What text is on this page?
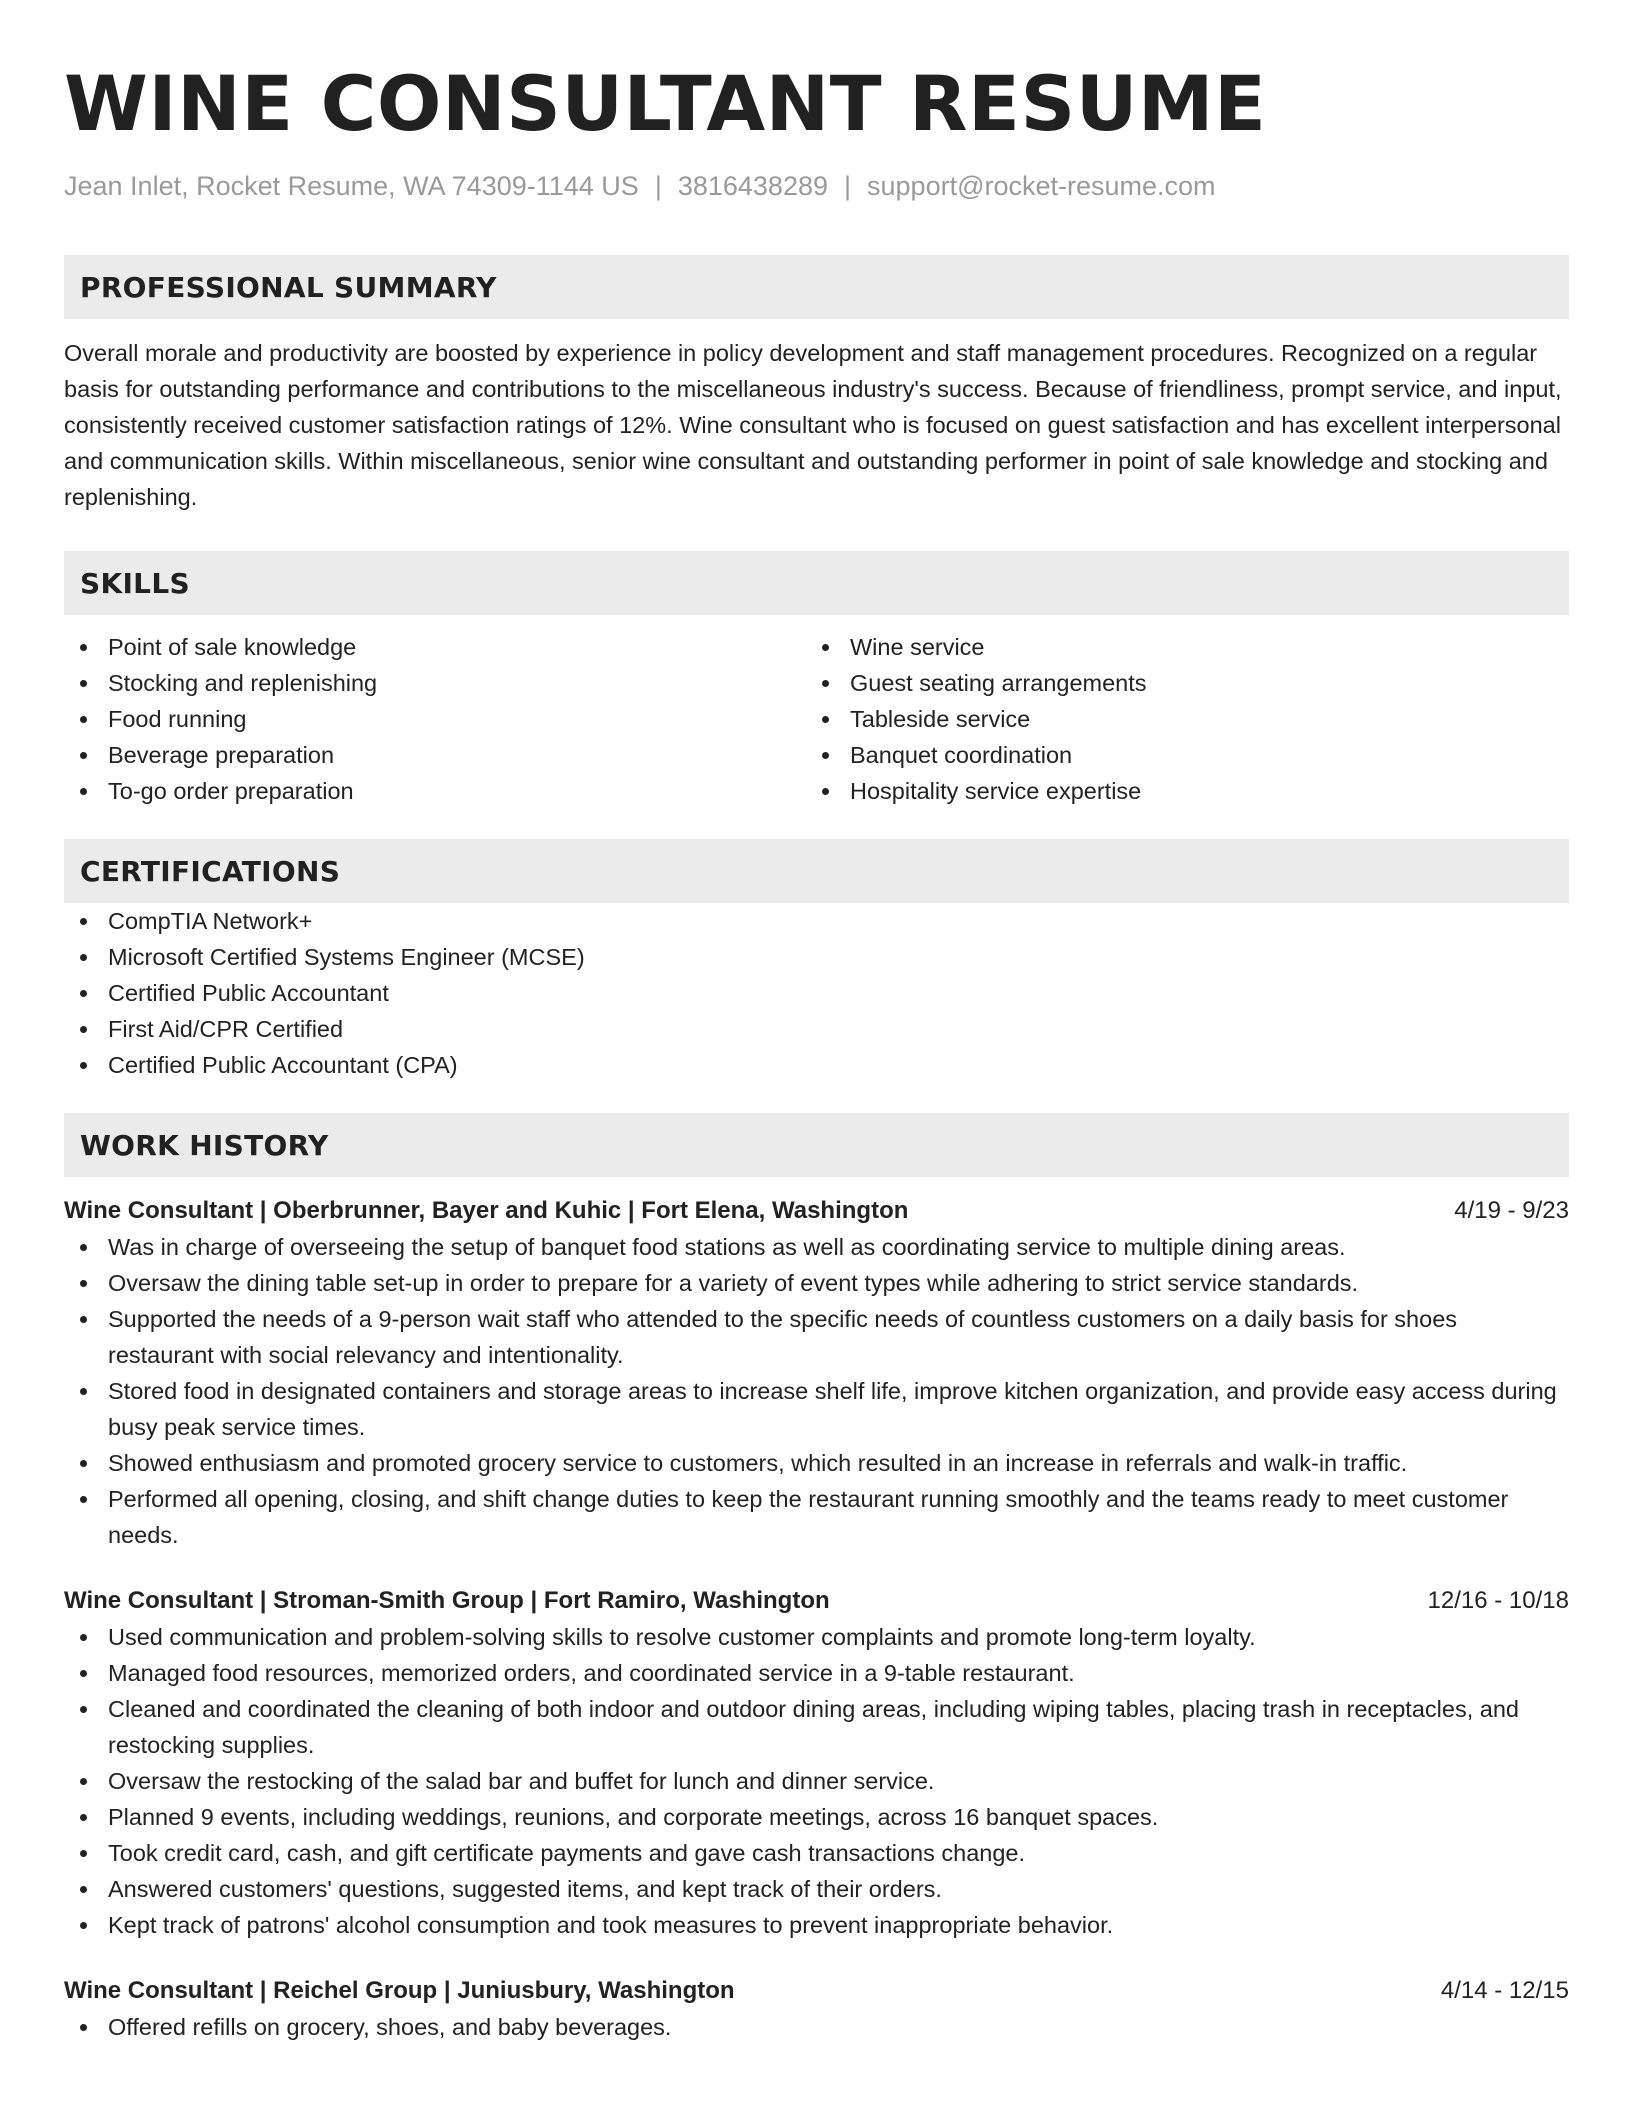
WINE CONSULTANT RESUME
Jean Inlet, Rocket Resume, WA 74309-1144 US | 3816438289 | support@rocket-resume.com
PROFESSIONAL SUMMARY

Overall morale and productivity are boosted by experience in policy development and staff management procedures. Recognized on a regular basis for outstanding performance and contributions to the miscellaneous industry's success. Because of friendliness, prompt service, and input, consistently received customer satisfaction ratings of 12%. Wine consultant who is focused on guest satisfaction and has excellent interpersonal and communication skills. Within miscellaneous, senior wine consultant and outstanding performer in point of sale knowledge and stocking and replenishing.

SKILLS
Point of sale knowledge
Stocking and replenishing
Food running
Beverage preparation
To-go order preparation
Wine service
Guest seating arrangements
Tableside service
Banquet coordination
Hospitality service expertise
CERTIFICATIONS
CompTIA Network+
Microsoft Certified Systems Engineer (MCSE)
Certified Public Accountant
First Aid/CPR Certified
Certified Public Accountant (CPA)
WORK HISTORY
Wine Consultant | Oberbrunner, Bayer and Kuhic | Fort Elena, Washington	4/19 - 9/23
Was in charge of overseeing the setup of banquet food stations as well as coordinating service to multiple dining areas.
Oversaw the dining table set-up in order to prepare for a variety of event types while adhering to strict service standards.
Supported the needs of a 9-person wait staff who attended to the specific needs of countless customers on a daily basis for shoes restaurant with social relevancy and intentionality.
Stored food in designated containers and storage areas to increase shelf life, improve kitchen organization, and provide easy access during busy peak service times.
Showed enthusiasm and promoted grocery service to customers, which resulted in an increase in referrals and walk-in traffic.
Performed all opening, closing, and shift change duties to keep the restaurant running smoothly and the teams ready to meet customer needs.
Wine Consultant | Stroman-Smith Group | Fort Ramiro, Washington	12/16 - 10/18
Used communication and problem-solving skills to resolve customer complaints and promote long-term loyalty.
Managed food resources, memorized orders, and coordinated service in a 9-table restaurant.
Cleaned and coordinated the cleaning of both indoor and outdoor dining areas, including wiping tables, placing trash in receptacles, and restocking supplies.
Oversaw the restocking of the salad bar and buffet for lunch and dinner service.
Planned 9 events, including weddings, reunions, and corporate meetings, across 16 banquet spaces.
Took credit card, cash, and gift certificate payments and gave cash transactions change.
Answered customers' questions, suggested items, and kept track of their orders.
Kept track of patrons' alcohol consumption and took measures to prevent inappropriate behavior.
Wine Consultant | Reichel Group | Juniusbury, Washington	4/14 - 12/15
Offered refills on grocery, shoes, and baby beverages.
